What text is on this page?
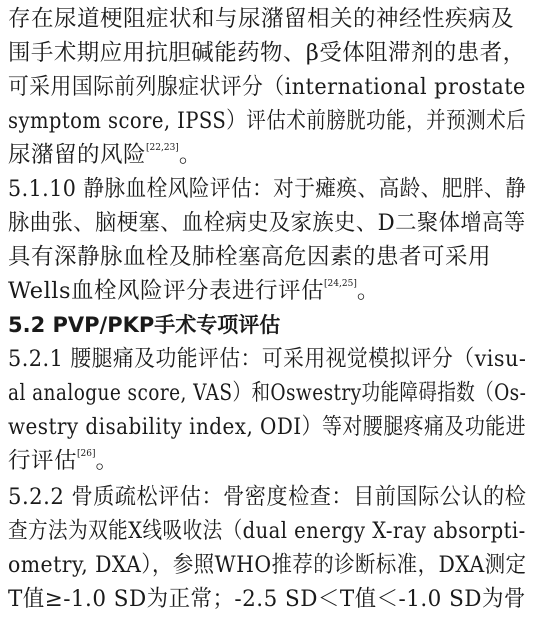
存在尿道梗阻症状和与尿潴留相关的神经性疾病及
围手术期应用抗胆碱能药物、β受体阻滞剂的患者，
可采用国际前列腺症状评分（international prostate
symptom score, IPSS）评估术前膀胱功能，并预测术后
尿潴留的风险[22,23]。
5.1.10 静脉血栓风险评估：对于瘫痪、高龄、肥胖、静
脉曲张、脑梗塞、血栓病史及家族史、D二聚体增高等
具有深静脉血栓及肺栓塞高危因素的患者可采用
Wells血栓风险评分表进行评估[24,25]。
5.2 PVP/PKP手术专项评估
5.2.1 腰腿痛及功能评估：可采用视觉模拟评分（visu-
al analogue score, VAS）和Oswestry功能障碍指数（Os-
westry disability index, ODI）等对腰腿疼痛及功能进
行评估[26]。
5.2.2 骨质疏松评估：骨密度检查：目前国际公认的检
查方法为双能X线吸收法（dual energy X-ray absorpti-
ometry, DXA），参照WHO推荐的诊断标准，DXA测定
T值≥-1.0 SD为正常；-2.5 SD＜T值＜-1.0 SD为骨
